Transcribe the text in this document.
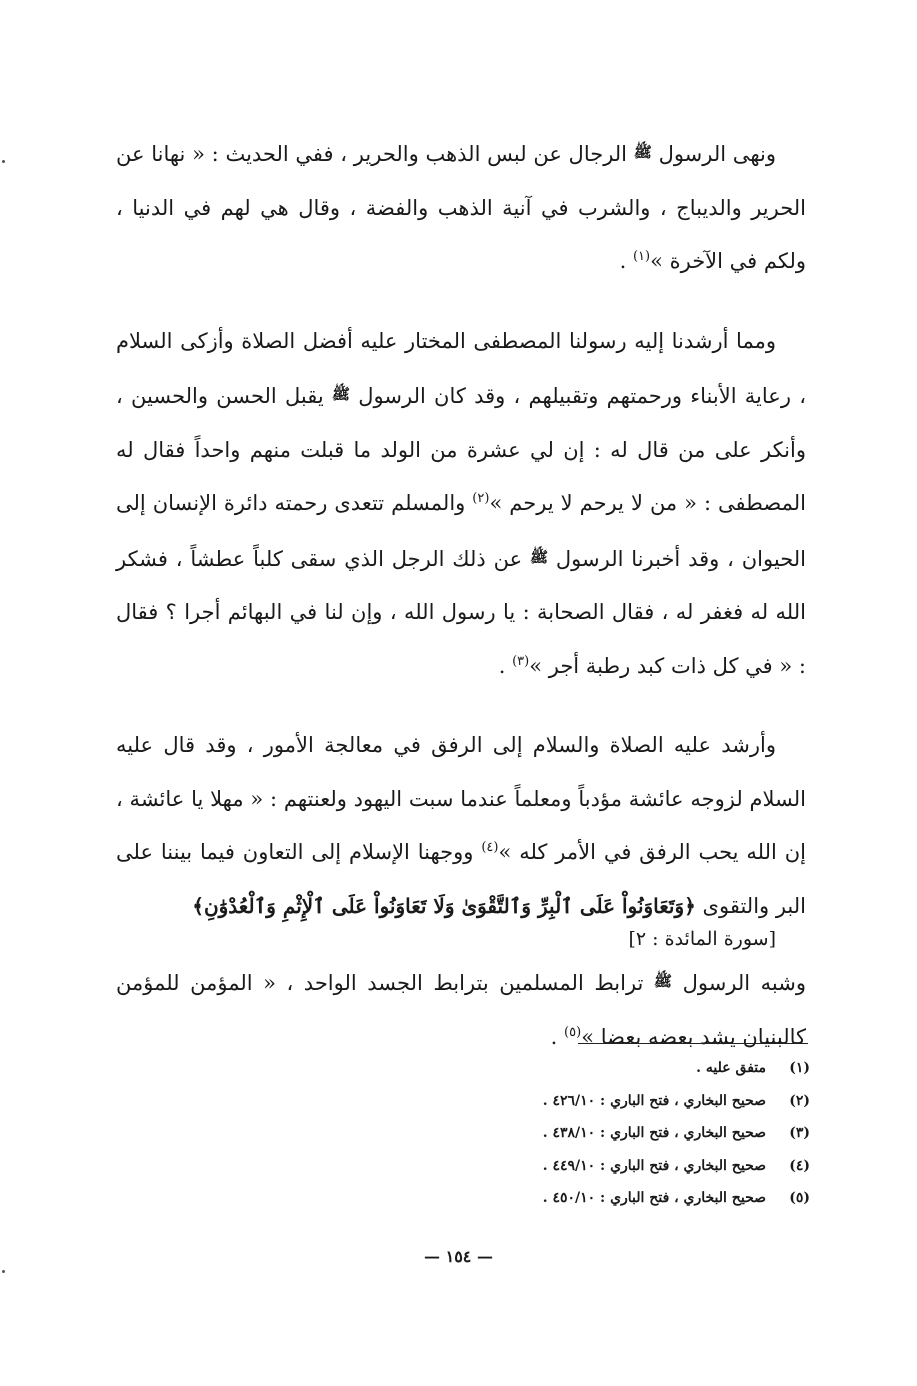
ونهى الرسول ﷺ الرجال عن لبس الذهب والحرير ، ففي الحديث : « نهانا عن الحرير والديباج ، والشرب في آنية الذهب والفضة ، وقال هي لهم في الدنيا ، ولكم في الآخرة »$^{(١)}$ .

ومما أرشدنا إليه رسولنا المصطفى المختار عليه أفضل الصلاة وأزكى السلام ، رعاية الأبناء ورحمتهم وتقبيلهم ، وقد كان الرسول ﷺ يقبل الحسن والحسين ، وأنكر على من قال له : إن لي عشرة من الولد ما قبلت منهم واحداً فقال له المصطفى : « من لا يرحم لا يرحم »$^{(٢)}$ والمسلم تتعدى رحمته دائرة الإنسان إلى الحيوان ، وقد أخبرنا الرسول ﷺ عن ذلك الرجل الذي سقى كلباً عطشاً ، فشكر الله له فغفر له ، فقال الصحابة : يا رسول الله ، وإن لنا في البهائم أجرا ؟ فقال : « في كل ذات كبد رطبة أجر »$^{(٣)}$ .

وأرشد عليه الصلاة والسلام إلى الرفق في معالجة الأمور ، وقد قال عليه السلام لزوجه عائشة مؤدباً ومعلماً عندما سبت اليهود ولعنتهم : « مهلا يا عائشة ، إن الله يحب الرفق في الأمر كله »$^{(٤)}$ ووجهنا الإسلام إلى التعاون فيما بيننا على البر والتقوى ﴿وَتَعَاوَنُواْ عَلَى ٱلْبِرِّ وَٱلتَّقْوَىٰ وَلَا تَعَاوَنُواْ عَلَى ٱلْإِثْمِ وَٱلْعُدْوَٰنِ﴾
[سورة المائدة : ٢]

وشبه الرسول ﷺ ترابط المسلمين بترابط الجسد الواحد ، « المؤمن للمؤمن كالبنيان يشد بعضه بعضا »$^{(٥)}$ .

(١)
متفق عليه .
(٢)
صحيح البخاري ، فتح الباري : ٤٢٦/١٠ .
(٣)
صحيح البخاري ، فتح الباري : ٤٣٨/١٠ .
(٤)
صحيح البخاري ، فتح الباري : ٤٤٩/١٠ .
(٥)
صحيح البخاري ، فتح الباري : ٤٥٠/١٠ .
— ١٥٤ —
